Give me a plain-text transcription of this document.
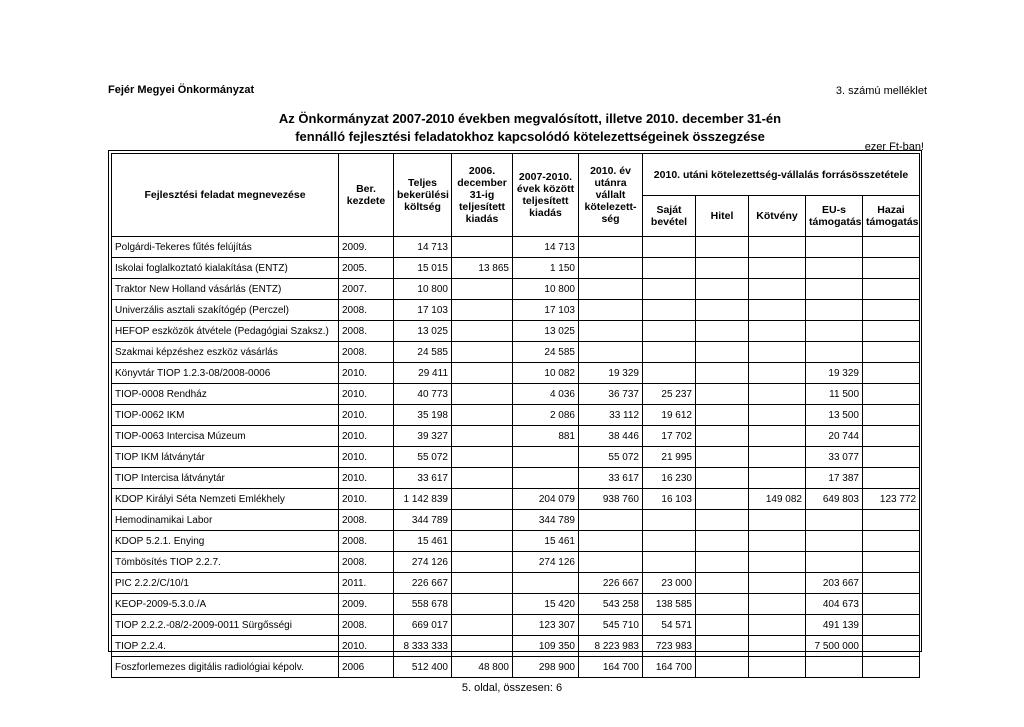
Fejér Megyei Önkormányzat	3. számú melléklet
Az Önkormányzat 2007-2010 években megvalósított, illetve 2010. december 31-én
fennálló fejlesztési feladatokhoz kapcsolódó kötelezettségeinek összegzése
ezer Ft-ban!
Fejlesztési feladat megnevezése	Ber. kezdete	Teljes bekerülési költség	2006. december 31-ig teljesített kiadás	2007-2010. évek között teljesített kiadás	2010. év utánra vállalt kötelezett-ség	2010. utáni kötelezettség-vállalás forrásösszetétele				
						Saját bevétel	Hitel	Kötvény	EU-s támogatás	Hazai támogatás
Polgárdi-Tekeres fűtés felújítás	2009.	14 713		14 713						
Iskolai foglalkoztató kialakítása (ENTZ)	2005.	15 015	13 865	1 150						
Traktor New Holland vásárlás (ENTZ)	2007.	10 800		10 800						
Univerzális asztali szakítógép (Perczel)	2008.	17 103		17 103						
HEFOP eszközök átvétele (Pedagógiai Szaksz.)	2008.	13 025		13 025						
Szakmai képzéshez eszköz vásárlás	2008.	24 585		24 585						
Könyvtár TIOP 1.2.3-08/2008-0006	2010.	29 411		10 082	19 329				19 329	
TIOP-0008 Rendház	2010.	40 773		4 036	36 737	25 237			11 500	
TIOP-0062 IKM	2010.	35 198		2 086	33 112	19 612			13 500	
TIOP-0063 Intercisa Múzeum	2010.	39 327		881	38 446	17 702			20 744	
TIOP IKM látványtár	2010.	55 072			55 072	21 995			33 077	
TIOP Intercisa látványtár	2010.	33 617			33 617	16 230			17 387	
KDOP Királyi Séta Nemzeti Emlékhely	2010.	1 142 839		204 079	938 760	16 103		149 082	649 803	123 772
Hemodinamikai Labor	2008.	344 789		344 789						
KDOP 5.2.1. Enying	2008.	15 461		15 461						
Tömbösítés TIOP 2.2.7.	2008.	274 126		274 126						
PIC 2.2.2/C/10/1	2011.	226 667			226 667	23 000			203 667	
KEOP-2009-5.3.0./A	2009.	558 678		15 420	543 258	138 585			404 673	
TIOP 2.2.2.-08/2-2009-0011 Sürgősségi	2008.	669 017		123 307	545 710	54 571			491 139	
TIOP 2.2.4.	2010.	8 333 333		109 350	8 223 983	723 983			7 500 000	
Foszforlemezes digitális radiológiai képolv.	2006	512 400	48 800	298 900	164 700	164 700				
5. oldal, összesen: 6
